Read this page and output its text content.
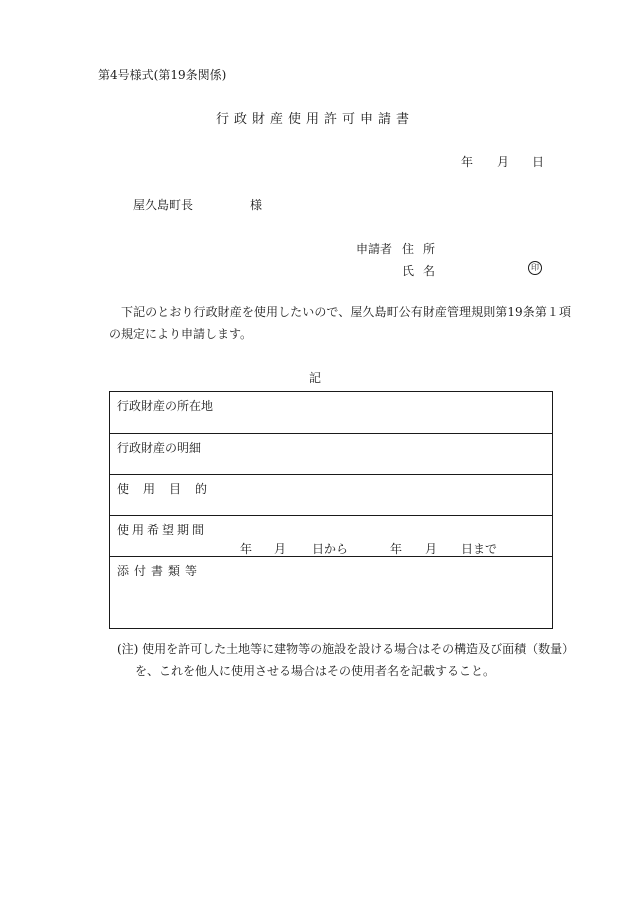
第4号様式(第19条関係)
行政財産使用許可申請書
年 月 日
屋久島町長	様
申請者 住所
氏名	印
下記のとおり行政財産を使用したいので、屋久島町公有財産管理規則第19条第１項の規定により申請します。
記
行政財産の所在地
行政財産の明細
使用目的
使用希望期間
年 月 日から	年 月 日まで
添付書類等
(注) 使用を許可した土地等に建物等の施設を設ける場合はその構造及び面積（数量）を、これを他人に使用させる場合はその使用者名を記載すること。
